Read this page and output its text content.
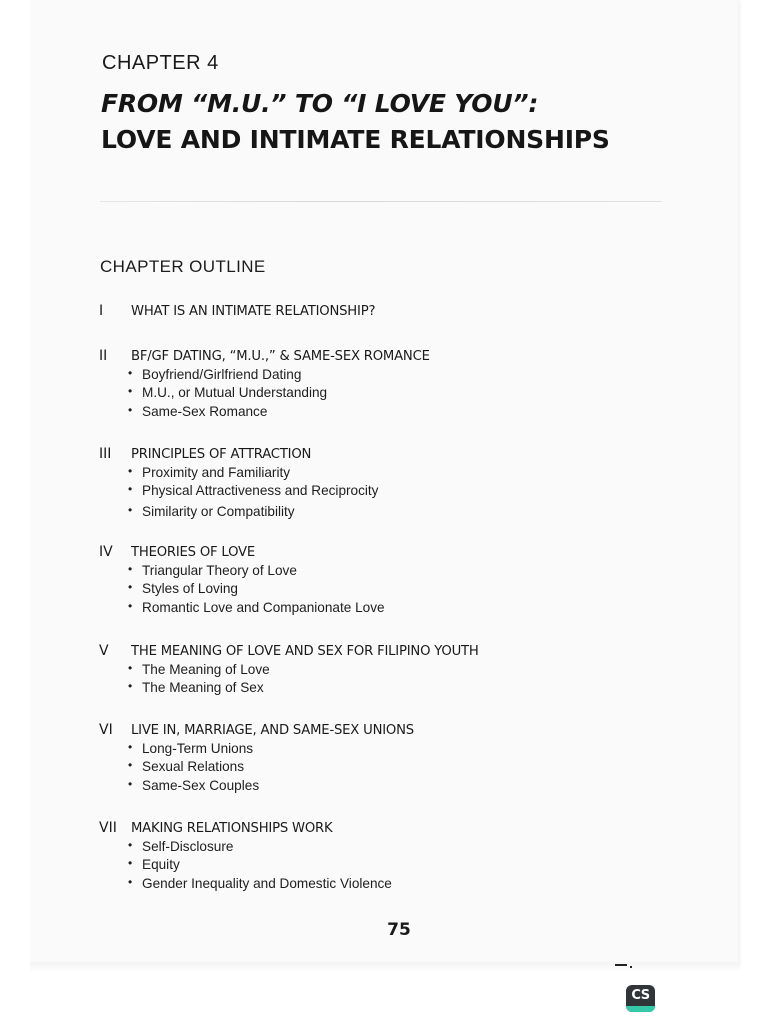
CHAPTER 4
FROM “M.U.” TO “I LOVE YOU”:
LOVE AND INTIMATE RELATIONSHIPS
CHAPTER OUTLINE
I	WHAT IS AN INTIMATE RELATIONSHIP?
II	BF/GF DATING, “M.U.,” & SAME-SEX ROMANCE
• Boyfriend/Girlfriend Dating
• M.U., or Mutual Understanding
• Same-Sex Romance
III	PRINCIPLES OF ATTRACTION
• Proximity and Familiarity
• Physical Attractiveness and Reciprocity
• Similarity or Compatibility
IV	THEORIES OF LOVE
• Triangular Theory of Love
• Styles of Loving
• Romantic Love and Companionate Love
V	THE MEANING OF LOVE AND SEX FOR FILIPINO YOUTH
• The Meaning of Love
• The Meaning of Sex
VI	LIVE IN, MARRIAGE, AND SAME-SEX UNIONS
• Long-Term Unions
• Sexual Relations
• Same-Sex Couples
VII	MAKING RELATIONSHIPS WORK
• Self-Disclosure
• Equity
• Gender Inequality and Domestic Violence
75
CS
